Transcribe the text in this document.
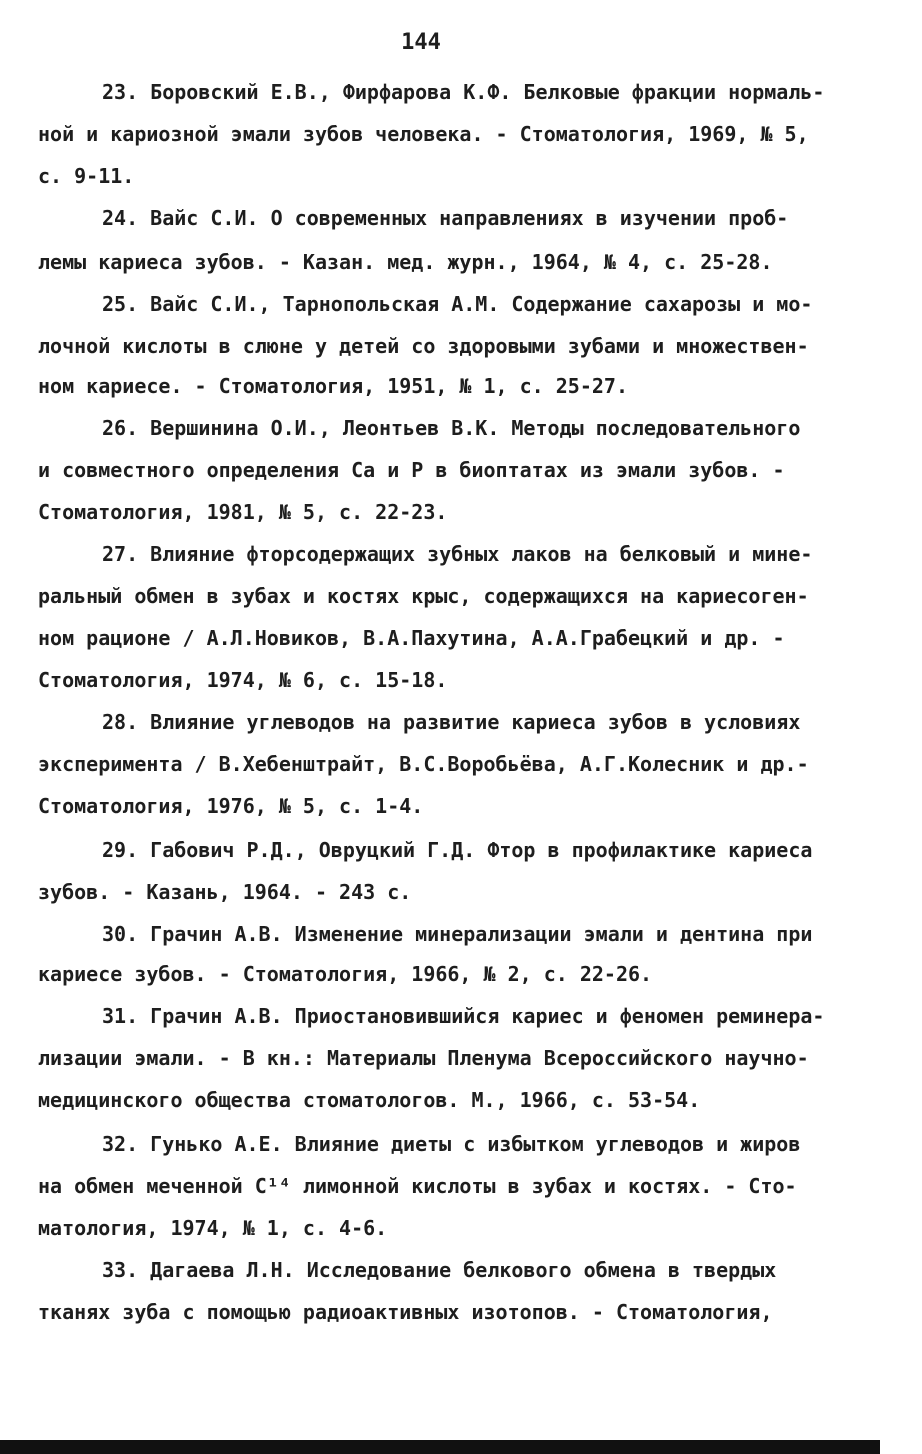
144
23. Боровский Е.В., Фирфарова К.Ф. Белковые фракции нормаль-
ной и кариозной эмали зубов человека. - Стоматология, 1969, № 5,
с. 9-11.
24. Вайс С.И. О современных направлениях в изучении проб-
лемы кариеса зубов. - Казан. мед. журн., 1964, № 4, с. 25-28.
25. Вайс С.И., Тарнопольская А.М. Содержание сахарозы и мо-
лочной кислоты в слюне у детей со здоровыми зубами и множествен-
ном кариесе. - Стоматология, 1951, № 1, с. 25-27.
26. Вершинина О.И., Леонтьев В.К. Методы последовательного
и совместного определения Са и Р в биоптатах из эмали зубов. -
Стоматология, 1981, № 5, с. 22-23.
27. Влияние фторсодержащих зубных лаков на белковый и мине-
ральный обмен в зубах и костях крыс, содержащихся на кариесоген-
ном рационе / А.Л.Новиков, В.А.Пахутина, А.А.Грабецкий и др. -
Стоматология, 1974, № 6, с. 15-18.
28. Влияние углеводов на развитие кариеса зубов в условиях
эксперимента / В.Хебенштрайт, В.С.Воробьёва, А.Г.Колесник и др.-
Стоматология, 1976, № 5, с. 1-4.
29. Габович Р.Д., Овруцкий Г.Д. Фтор в профилактике кариеса
зубов. - Казань, 1964. - 243 с.
30. Грачин А.В. Изменение минерализации эмали и дентина при
кариесе зубов. - Стоматология, 1966, № 2, с. 22-26.
31. Грачин А.В. Приостановившийся кариес и феномен реминера-
лизации эмали. - В кн.: Материалы Пленума Всероссийского научно-
медицинского общества стоматологов. М., 1966, с. 53-54.
32. Гунько А.Е. Влияние диеты с избытком углеводов и жиров
на обмен меченной С¹⁴ лимонной кислоты в зубах и костях. - Сто-
матология, 1974, № 1, с. 4-6.
33. Дагаева Л.Н. Исследование белкового обмена в твердых
тканях зуба с помощью радиоактивных изотопов. - Стоматология,
